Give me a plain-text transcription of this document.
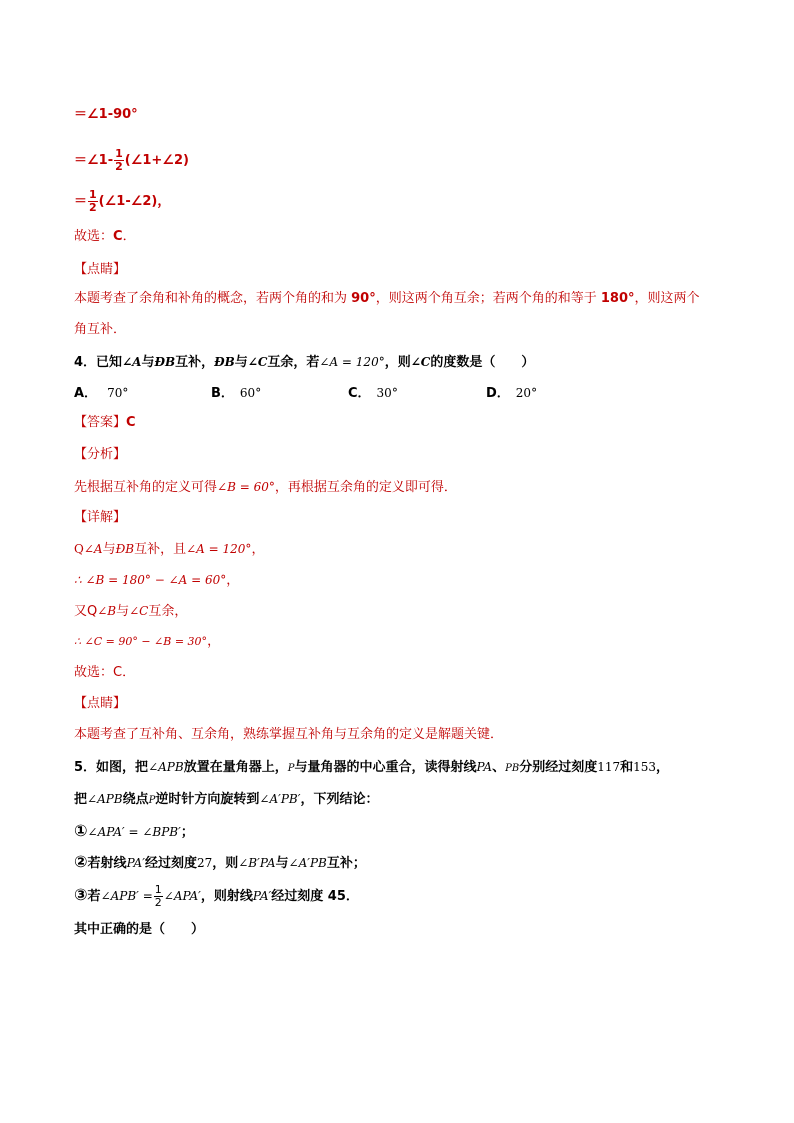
＝∠1-90°
＝∠1- $\frac{1}{2}$ (∠1+∠2)
＝ $\frac{1}{2}$ (∠1-∠2)，
故选：C．
【点睛】
本题考查了余角和补角的概念，若两个角的和为 90°，则这两个角互余；若两个角的和等于 180°，则这两个
角互补．
4．已知∠A与ÐB互补，ÐB与∠C互余，若∠A = 120°，则∠C的度数是（　　）
A． 70°	B． 60°	C． 30°	D． 20°
【答案】C
【分析】
先根据互补角的定义可得∠B = 60°，再根据互余角的定义即可得．
【详解】
Q∠A与ÐB互补，且∠A = 120°，
∴ ∠B = 180° − ∠A = 60°，
又Q∠B与∠C互余，
∴ ∠C = 90° − ∠B = 30°，
故选：C．
【点睛】
本题考查了互补角、互余角，熟练掌握互补角与互余角的定义是解题关键．
5．如图，把∠APB放置在量角器上，P与量角器的中心重合，读得射线PA、PB分别经过刻度117和153，
把∠APB绕点P逆时针方向旋转到∠A′PB′，下列结论：
①∠APA′ = ∠BPB′；
②若射线PA′经过刻度27，则∠B′PA与∠A′PB互补；
③若∠APB′ = $\frac{1}{2}$ ∠APA′，则射线PA′经过刻度 45．
其中正确的是（　　）
